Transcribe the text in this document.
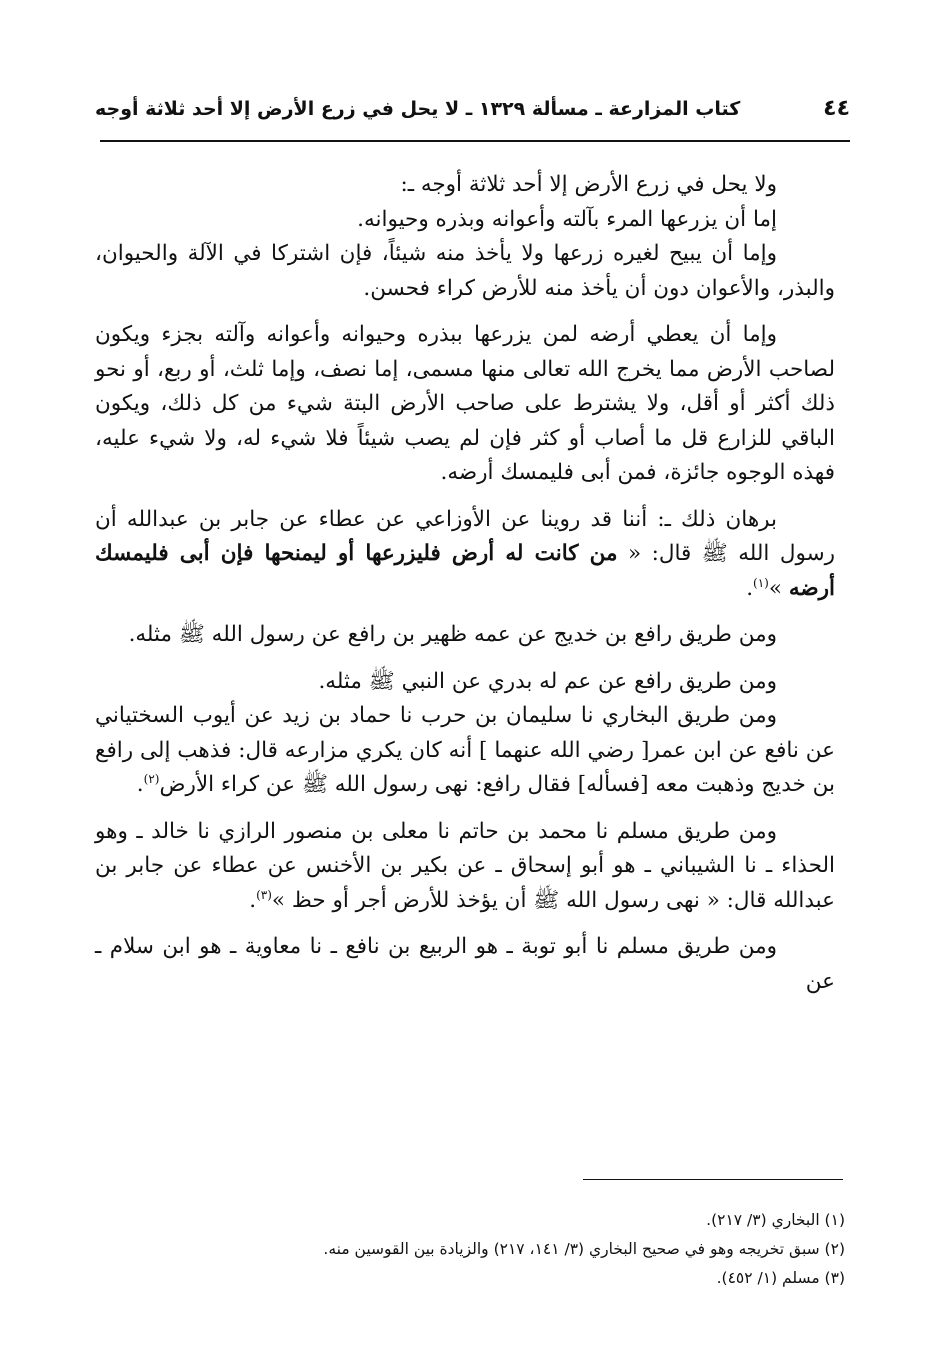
٤٤
كتاب المزارعة ـ مسألة ١٣٢٩ ـ لا يحل في زرع الأرض إلا أحد ثلاثة أوجه

ولا يحل في زرع الأرض إلا أحد ثلاثة أوجه ـ:

إما أن يزرعها المرء بآلته وأعوانه وبذره وحيوانه.

وإما أن يبيح لغيره زرعها ولا يأخذ منه شيئاً، فإن اشتركا في الآلة والحيوان، والبذر، والأعوان دون أن يأخذ منه للأرض كراء فحسن.

وإما أن يعطي أرضه لمن يزرعها ببذره وحيوانه وأعوانه وآلته بجزء ويكون لصاحب الأرض مما يخرج الله تعالى منها مسمى، إما نصف، وإما ثلث، أو ربع، أو نحو ذلك أكثر أو أقل، ولا يشترط على صاحب الأرض البتة شيء من كل ذلك، ويكون الباقي للزارع قل ما أصاب أو كثر فإن لم يصب شيئاً فلا شيء له، ولا شيء عليه، فهذه الوجوه جائزة، فمن أبى فليمسك أرضه.

برهان ذلك ـ: أننا قد روينا عن الأوزاعي عن عطاء عن جابر بن عبدالله أن رسول الله ﷺ قال: « من كانت له أرض فليزرعها أو ليمنحها فإن أبى فليمسك أرضه »$^{(١)}$.

ومن طريق رافع بن خديج عن عمه ظهير بن رافع عن رسول الله ﷺ مثله.

ومن طريق رافع عن عم له بدري عن النبي ﷺ مثله.

ومن طريق البخاري نا سليمان بن حرب نا حماد بن زيد عن أيوب السختياني عن نافع عن ابن عمر[ رضي الله عنهما ] أنه كان يكري مزارعه قال: فذهب إلى رافع بن خديج وذهبت معه [فسأله] فقال رافع: نهى رسول الله ﷺ عن كراء الأرض$^{(٢)}$.

ومن طريق مسلم نا محمد بن حاتم نا معلى بن منصور الرازي نا خالد ـ وهو الحذاء ـ نا الشيباني ـ هو أبو إسحاق ـ عن بكير بن الأخنس عن عطاء عن جابر بن عبدالله قال: « نهى رسول الله ﷺ أن يؤخذ للأرض أجر أو حظ »$^{(٣)}$.

ومن طريق مسلم نا أبو توبة ـ هو الربيع بن نافع ـ نا معاوية ـ هو ابن سلام ـ عن

(١) البخاري (٣/ ٢١٧).
(٢) سبق تخريجه وهو في صحيح البخاري (٣/ ١٤١، ٢١٧) والزيادة بين القوسين منه.
(٣) مسلم (١/ ٤٥٢).
